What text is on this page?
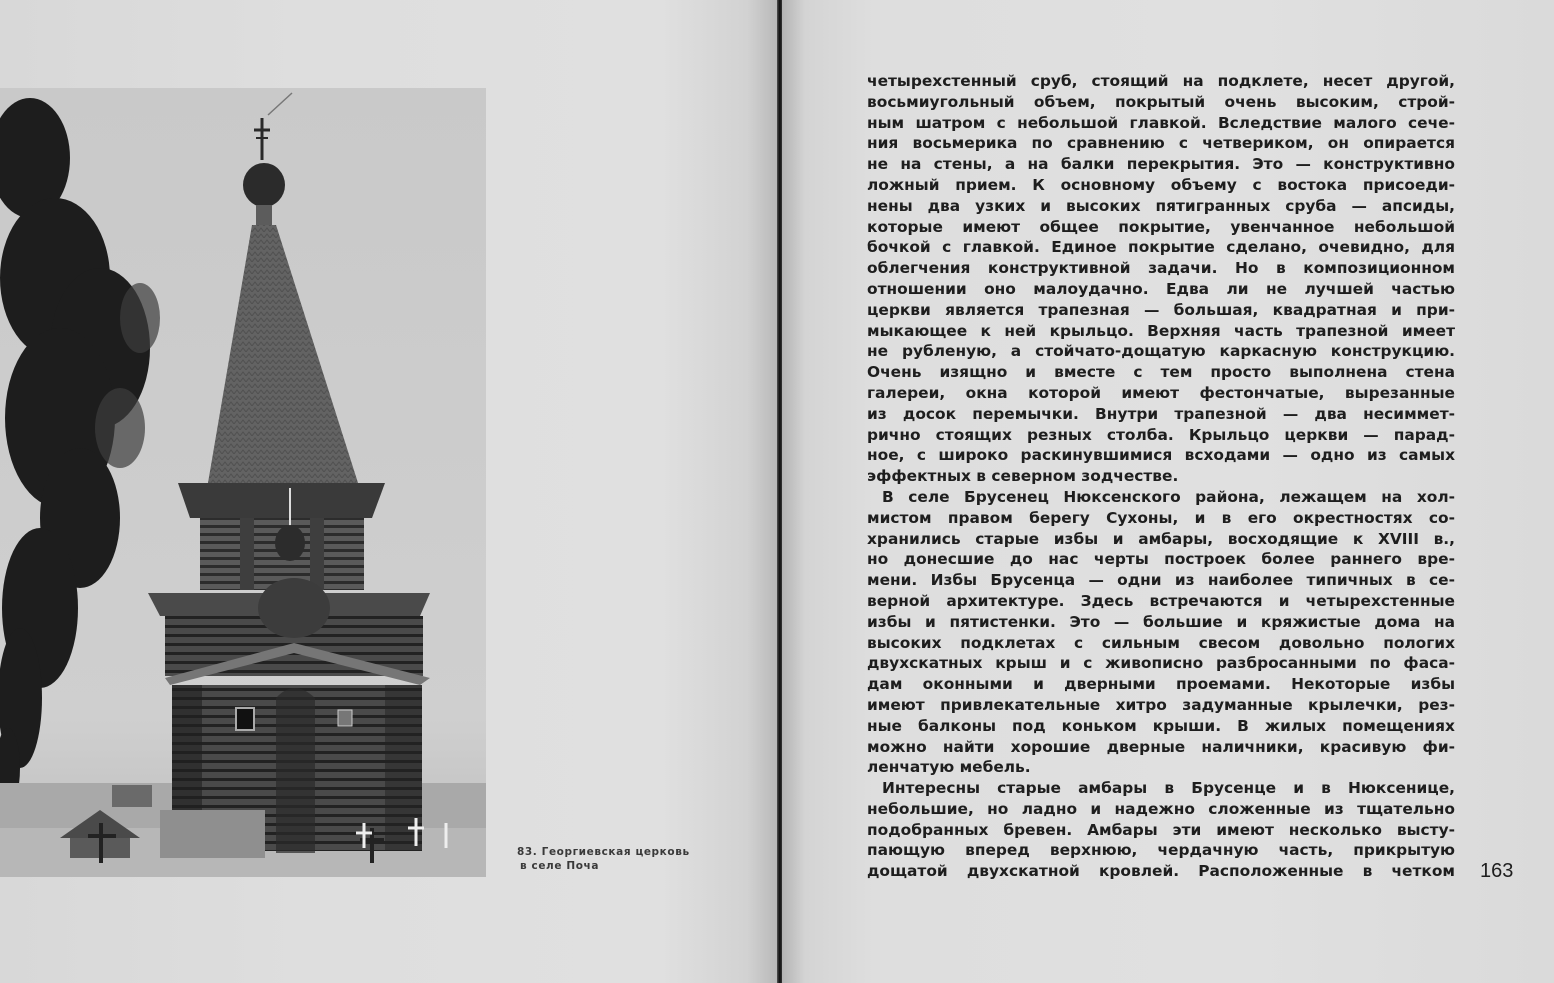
83. Георгиевская церковь
в селе Поча

четырехстенный сруб, стоящий на подклете, несет другой,
восьмиугольный объем, покрытый очень высоким, строй-
ным шатром с небольшой главкой. Вследствие малого сече-
ния восьмерика по сравнению с четвериком, он опирается
не на стены, а на балки перекрытия. Это — конструктивно
ложный прием. К основному объему с востока присоеди-
нены два узких и высоких пятигранных сруба — апсиды,
которые имеют общее покрытие, увенчанное небольшой
бочкой с главкой. Единое покрытие сделано, очевидно, для
облегчения конструктивной задачи. Но в композиционном
отношении оно малоудачно. Едва ли не лучшей частью
церкви является трапезная — большая, квадратная и при-
мыкающее к ней крыльцо. Верхняя часть трапезной имеет
не рубленую, а стойчато-дощатую каркасную конструкцию.
Очень изящно и вместе с тем просто выполнена стена
галереи, окна которой имеют фестончатые, вырезанные
из досок перемычки. Внутри трапезной — два несиммет-
рично стоящих резных столба. Крыльцо церкви — парад-
ное, с широко раскинувшимися всходами — одно из самых
эффектных в северном зодчестве.

В селе Брусенец Нюксенского района, лежащем на хол-
мистом правом берегу Сухоны, и в его окрестностях со-
хранились старые избы и амбары, восходящие к XVIII в.,
но донесшие до нас черты построек более раннего вре-
мени. Избы Брусенца — одни из наиболее типичных в се-
верной архитектуре. Здесь встречаются и четырехстенные
избы и пятистенки. Это — большие и кряжистые дома на
высоких подклетах с сильным свесом довольно пологих
двухскатных крыш и с живописно разбросанными по фаса-
дам оконными и дверными проемами. Некоторые избы
имеют привлекательные хитро задуманные крылечки, рез-
ные балконы под коньком крыши. В жилых помещениях
можно найти хорошие дверные наличники, красивую фи-
ленчатую мебель.

Интересны старые амбары в Брусенце и в Нюксенице,
небольшие, но ладно и надежно сложенные из тщательно
подобранных бревен. Амбары эти имеют несколько высту-
пающую вперед верхнюю, чердачную часть, прикрытую
дощатой двухскатной кровлей. Расположенные в четком 163
